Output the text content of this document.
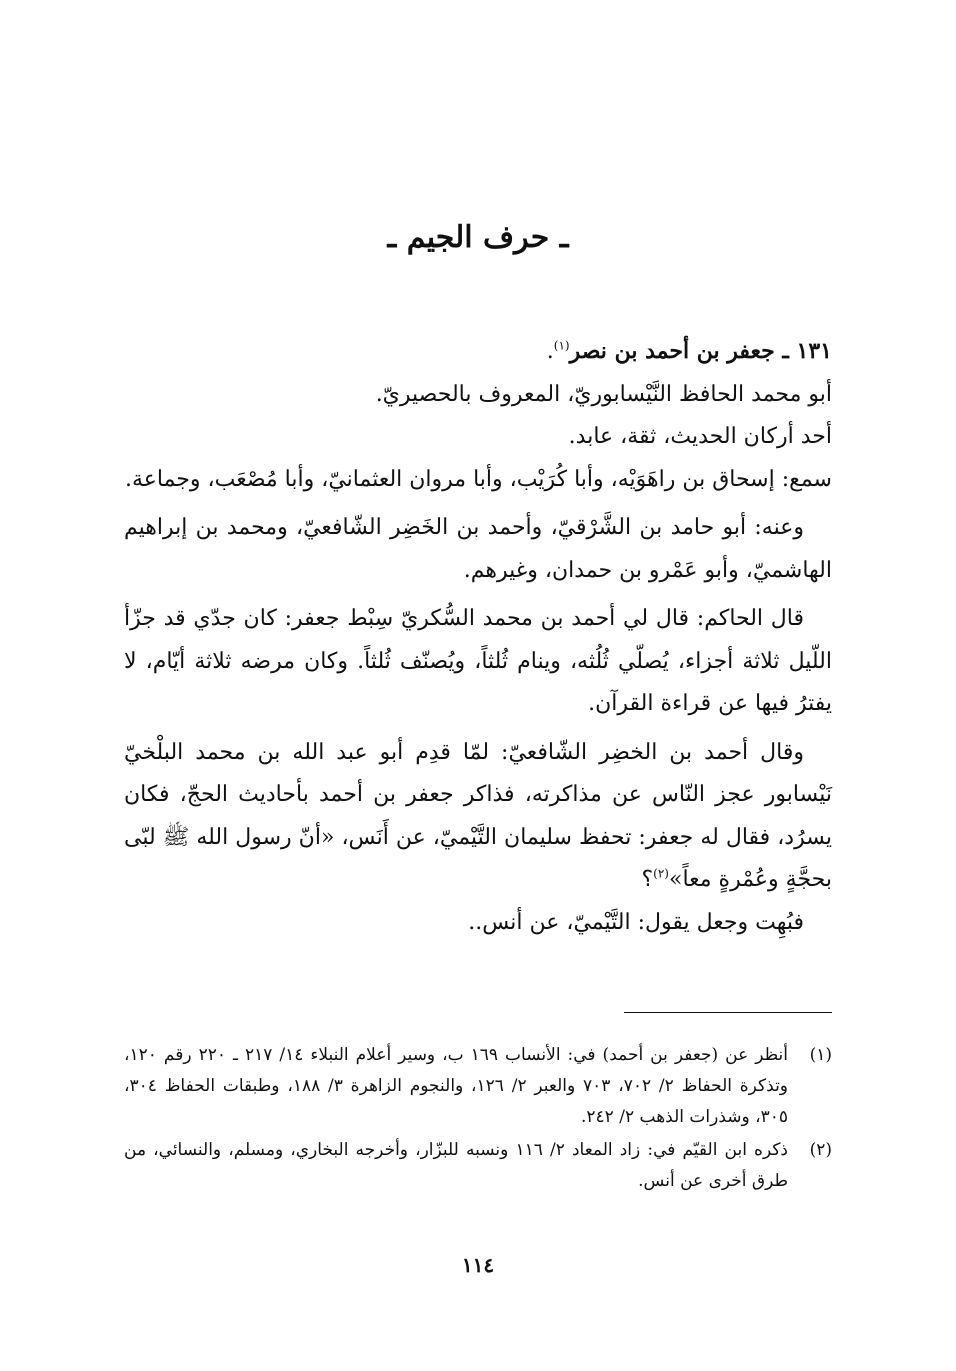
ـ حرف الجيم ـ

١٣١ ـ جعفر بن أحمد بن نصر$^{(١)}$.

أبو محمد الحافظ النَّيْسابوريّ، المعروف بالحصيريّ.

أحد أركان الحديث، ثقة، عابد.

سمع: إسحاق بن راهَوَيْه، وأبا كُرَيْب، وأبا مروان العثمانيّ، وأبا مُصْعَب، وجماعة.

وعنه: أبو حامد بن الشَّرْقيّ، وأحمد بن الخَضِر الشّافعيّ، ومحمد بن إبراهيم الهاشميّ، وأبو عَمْرو بن حمدان، وغيرهم.

قال الحاكم: قال لي أحمد بن محمد السُّكريّ سِبْط جعفر: كان جدّي قد جزّأ اللّيل ثلاثة أجزاء، يُصلّي ثُلُثه، وينام ثُلثاً، ويُصنّف ثُلثاً. وكان مرضه ثلاثة أيّام، لا يفترُ فيها عن قراءة القرآن.

وقال أحمد بن الخضِر الشّافعيّ: لمّا قدِم أبو عبد الله بن محمد البلْخيّ نَيْسابور عجز النّاس عن مذاكرته، فذاكر جعفر بن أحمد بأحاديث الحجّ، فكان يسرُد، فقال له جعفر: تحفظ سليمان التَّيْميّ، عن أَنَس، «أنّ رسول الله ﷺ لبّى بحجَّةٍ وعُمْرةٍ معاً»$^{(٢)}$؟

فبُهِت وجعل يقول: التَّيْميّ، عن أنس..

(١)
أنظر عن (جعفر بن أحمد) في: الأنساب ١٦٩ ب، وسير أعلام النبلاء ١٤/ ٢١٧ ـ ٢٢٠ رقم ١٢٠، وتذكرة الحفاظ ٢/ ٧٠٢، ٧٠٣ والعبر ٢/ ١٢٦، والنجوم الزاهرة ٣/ ١٨٨، وطبقات الحفاظ ٣٠٤، ٣٠٥، وشذرات الذهب ٢/ ٢٤٢.
(٢)
ذكره ابن القيّم في: زاد المعاد ٢/ ١١٦ ونسبه للبزّار، وأخرجه البخاري، ومسلم، والنسائي، من طرق أخرى عن أنس.
١١٤
